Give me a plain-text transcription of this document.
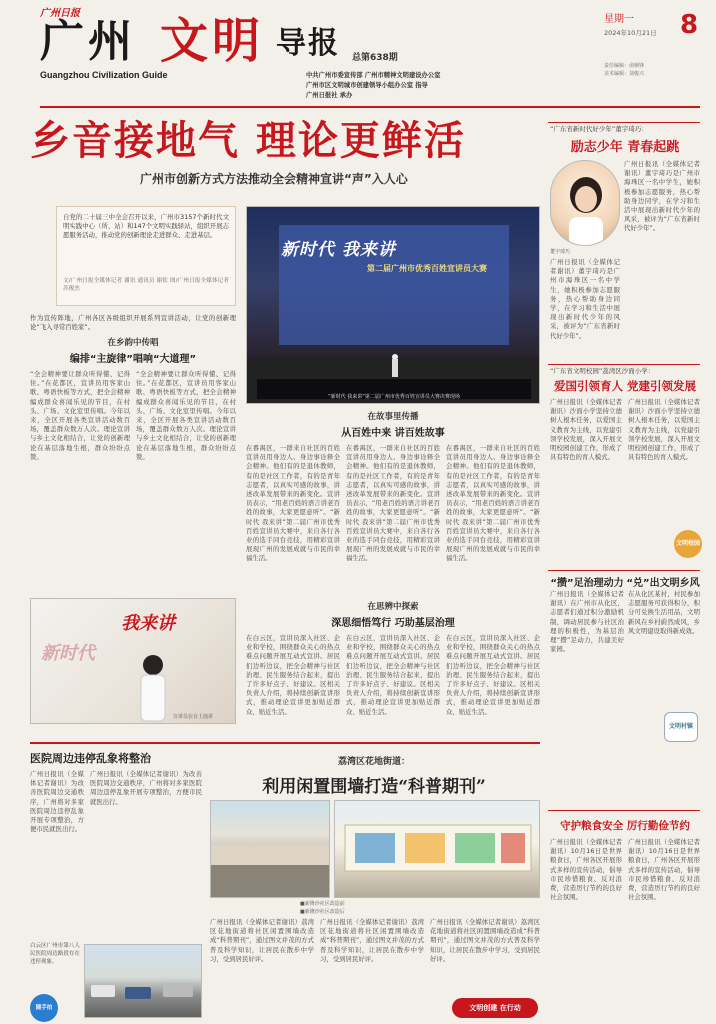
广州日报
广州 文明 导报 总第638期
Guangzhou Civilization Guide
星期一
2024年10月21日 8
中共广州市委宣传部 广州市精神文明建设办公室
广州市区文明城市创建领导小组办公室 指导
广州日报社 承办
责任编辑：俞婉锋
美术编辑：刘俊兴
乡音接地气 理论更鲜活
广州市创新方式方法推动全会精神宣讲“声”入人心
自党的二十届三中全会召开以来，广州市3157个新时代文明实践中心（所、站）和147个文明实践驿站，组织开展志愿服务活动，推动党的创新理论走进群众、走进基层。
文/广州日报全媒体记者 谢讯 通讯员 谢钦 图/广州日报全媒体记者 苏俊杰
新时代 我来讲
第二届广州市优秀百姓宣讲员大赛
“新时代 我来讲”第二届广州市优秀百姓宣讲员大赛决赛现场
作为宣传阵地，广州各区各级组织开展系列宣讲活动，让党的创新理论“飞入寻常百姓家”。
在乡韵中传唱
编排“主旋律”唱响“大道理”
“全会精神要让群众听得懂、记得住。”在花都区，宣讲员用客家山歌、粤语快板等方式，把全会精神编成群众喜闻乐见的节目，在村头、广场、文化室里传唱。今年以来，全区开展各类宣讲活动数百场，覆盖群众数万人次。理论宣讲与乡土文化相结合，让党的创新理论在基层落地生根，群众纷纷点赞。
“全会精神要让群众听得懂、记得住。”在花都区，宣讲员用客家山歌、粤语快板等方式，把全会精神编成群众喜闻乐见的节目，在村头、广场、文化室里传唱。今年以来，全区开展各类宣讲活动数百场，覆盖群众数万人次。理论宣讲与乡土文化相结合，让党的创新理论在基层落地生根，群众纷纷点赞。
在故事里传播
从百姓中来 讲百姓故事
在番禺区，一群来自社区的百姓宣讲员用身边人、身边事诠释全会精神。他们有的是退休教师，有的是社区工作者，有的是青年志愿者，以真实可感的故事，讲述改革发展带来的新变化。宣讲员表示，“用老百姓的语言讲老百姓的故事，大家更愿意听”。“新时代 我来讲”第二届广州市优秀百姓宣讲员大赛中，来自各行各业的选手同台竞技，用精彩宣讲展现广州的发展成就与市民的幸福生活。
在番禺区，一群来自社区的百姓宣讲员用身边人、身边事诠释全会精神。他们有的是退休教师，有的是社区工作者，有的是青年志愿者，以真实可感的故事，讲述改革发展带来的新变化。宣讲员表示，“用老百姓的语言讲老百姓的故事，大家更愿意听”。“新时代 我来讲”第二届广州市优秀百姓宣讲员大赛中，来自各行各业的选手同台竞技，用精彩宣讲展现广州的发展成就与市民的幸福生活。
在番禺区，一群来自社区的百姓宣讲员用身边人、身边事诠释全会精神。他们有的是退休教师，有的是社区工作者，有的是青年志愿者，以真实可感的故事，讲述改革发展带来的新变化。宣讲员表示，“用老百姓的语言讲老百姓的故事，大家更愿意听”。“新时代 我来讲”第二届广州市优秀百姓宣讲员大赛中，来自各行各业的选手同台竞技，用精彩宣讲展现广州的发展成就与市民的幸福生活。
我来讲
新时代
宣讲员在台上演讲
在思辨中探索
深思细悟笃行 巧助基层治理
在白云区，宣讲员深入社区、企业和学校，围绕群众关心的热点难点问题开展互动式宣讲。居民们边听边议，把全会精神与社区治理、民生服务结合起来，提出了许多好点子、好建议。区相关负责人介绍，将持续创新宣讲形式，推动理论宣讲更加贴近群众、贴近生活。
在白云区，宣讲员深入社区、企业和学校，围绕群众关心的热点难点问题开展互动式宣讲。居民们边听边议，把全会精神与社区治理、民生服务结合起来，提出了许多好点子、好建议。区相关负责人介绍，将持续创新宣讲形式，推动理论宣讲更加贴近群众、贴近生活。
在白云区，宣讲员深入社区、企业和学校，围绕群众关心的热点难点问题开展互动式宣讲。居民们边听边议，把全会精神与社区治理、民生服务结合起来，提出了许多好点子、好建议。区相关负责人介绍，将持续创新宣讲形式，推动理论宣讲更加贴近群众、贴近生活。
“广东省新时代好少年”董宇琦巧：
励志少年 青春起跳
董宇琦巧
广州日报讯（全媒体记者谢讯）董宇琦巧是广州市海珠区一名中学生，她积极参加志愿服务，热心帮助身边同学，在学习和生活中展现出新时代少年的风采，被评为“广东省新时代好少年”。
广州日报讯（全媒体记者谢讯）董宇琦巧是广州市海珠区一名中学生，她积极参加志愿服务，热心帮助身边同学，在学习和生活中展现出新时代少年的风采，被评为“广东省新时代好少年”。
“广东省文明校园”荔湾区沙面小学：
爱国引领育人 党建引领发展
广州日报讯（全媒体记者谢讯）沙面小学坚持立德树人根本任务，以爱国主义教育为主线，以党建引领学校发展，深入开展文明校园创建工作，形成了具有特色的育人模式。
广州日报讯（全媒体记者谢讯）沙面小学坚持立德树人根本任务，以爱国主义教育为主线，以党建引领学校发展，深入开展文明校园创建工作，形成了具有特色的育人模式。
文明校园
“攒”足治理动力 “兑”出文明乡风
广州日报讯（全媒体记者谢讯）在广州市从化区，志愿者们通过积分激励机制，调动居民参与社区治理的积极性，为基层治理“攒”足动力，共建美好家园。
在从化区某村，村民参加志愿服务可获得积分，积分可兑换生活用品，文明新风在乡村蔚然成风，乡风文明建设取得新成效。
文明村镇
守护粮食安全 厉行勤俭节约
广州日报讯（全媒体记者谢讯）10月16日是世界粮食日，广州各区开展形式多样的宣传活动，倡导市民珍惜粮食、反对浪费，营造厉行节约的良好社会氛围。
广州日报讯（全媒体记者谢讯）10月16日是世界粮食日，广州各区开展形式多样的宣传活动，倡导市民珍惜粮食、反对浪费，营造厉行节约的良好社会氛围。
医院周边违停乱象将整治
广州日报讯（全媒体记者谢讯）为改善医院周边交通秩序，广州将对多家医院周边违停乱象开展专项整治，方便市民就医出行。
广州日报讯（全媒体记者谢讯）为改善医院周边交通秩序，广州将对多家医院周边违停乱象开展专项整治，方便市民就医出行。
白云区广州市第八人民医院周边路段存在违停现象。
随手拍
荔湾区花地街道：
利用闲置围墙打造“科普期刊”
■新隆沙社区改造前
■新隆沙社区改造后
广州日报讯（全媒体记者谢讯）荔湾区花地街道将社区闲置围墙改造成“科普期刊”，通过图文并茂的方式普及科学知识，让居民在散步中学习，受到居民好评。
广州日报讯（全媒体记者谢讯）荔湾区花地街道将社区闲置围墙改造成“科普期刊”，通过图文并茂的方式普及科学知识，让居民在散步中学习，受到居民好评。
广州日报讯（全媒体记者谢讯）荔湾区花地街道将社区闲置围墙改造成“科普期刊”，通过图文并茂的方式普及科学知识，让居民在散步中学习，受到居民好评。
文明创建 在行动
